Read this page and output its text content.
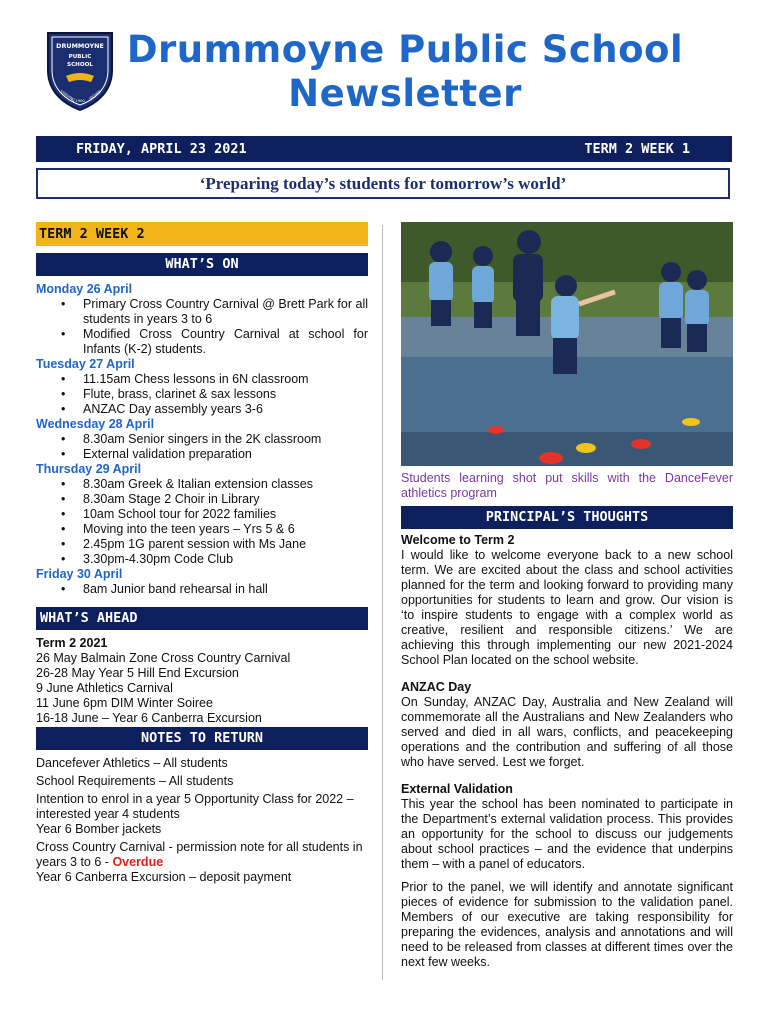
DRUMMOYNE
PUBLIC
SCHOOL
STRIVING	HIGHER
1900
Drummoyne Public School
Newsletter
FRIDAY, APRIL 23 2021	TERM 2 WEEK 1
‘Preparing today’s students for tomorrow’s world’
TERM 2 WEEK 2
WHAT’S ON
Monday 26 April
• Primary Cross Country Carnival @ Brett Park for all students in years 3 to 6
• Modified Cross Country Carnival at school for Infants (K-2) students.
Tuesday 27 April
• 11.15am Chess lessons in 6N classroom
• Flute, brass, clarinet & sax lessons
• ANZAC Day assembly years 3-6
Wednesday 28 April
• 8.30am Senior singers in the 2K classroom
• External validation preparation
Thursday 29 April
• 8.30am Greek & Italian extension classes
• 8.30am Stage 2 Choir in Library
• 10am School tour for 2022 families
• Moving into the teen years – Yrs 5 & 6
• 2.45pm 1G parent session with Ms Jane
• 3.30pm-4.30pm Code Club
Friday 30 April
• 8am Junior band rehearsal in hall
WHAT’S AHEAD
Term 2 2021
26 May Balmain Zone Cross Country Carnival
26-28 May Year 5 Hill End Excursion
9 June Athletics Carnival
11 June 6pm DIM Winter Soiree
16-18 June – Year 6 Canberra Excursion
NOTES TO RETURN

Dancefever Athletics – All students

School Requirements – All students

Intention to enrol in a year 5 Opportunity Class for 2022 – interested year 4 students
Year 6 Bomber jackets

Cross Country Carnival - permission note for all students in years 3 to 6 - Overdue
Year 6 Canberra Excursion – deposit payment

Students learning shot put skills with the DanceFever athletics program
PRINCIPAL’S THOUGHTS

Welcome to Term 2

I would like to welcome everyone back to a new school term. We are excited about the class and school activities planned for the term and looking forward to providing many opportunities for students to learn and grow. Our vision is ‘to inspire students to engage with a complex world as creative, resilient and responsible citizens.’ We are achieving this through implementing our new 2021-2024 School Plan located on the school website.

ANZAC Day

On Sunday, ANZAC Day, Australia and New Zealand will commemorate all the Australians and New Zealanders who served and died in all wars, conflicts, and peacekeeping operations and the contribution and suffering of all those who have served. Lest we forget.

External Validation

This year the school has been nominated to participate in the Department’s external validation process. This provides an opportunity for the school to discuss our judgements about school practices – and the evidence that underpins them – with a panel of educators.

Prior to the panel, we will identify and annotate significant pieces of evidence for submission to the validation panel. Members of our executive are taking responsibility for preparing the evidences, analysis and annotations and will need to be released from classes at different times over the next few weeks.
